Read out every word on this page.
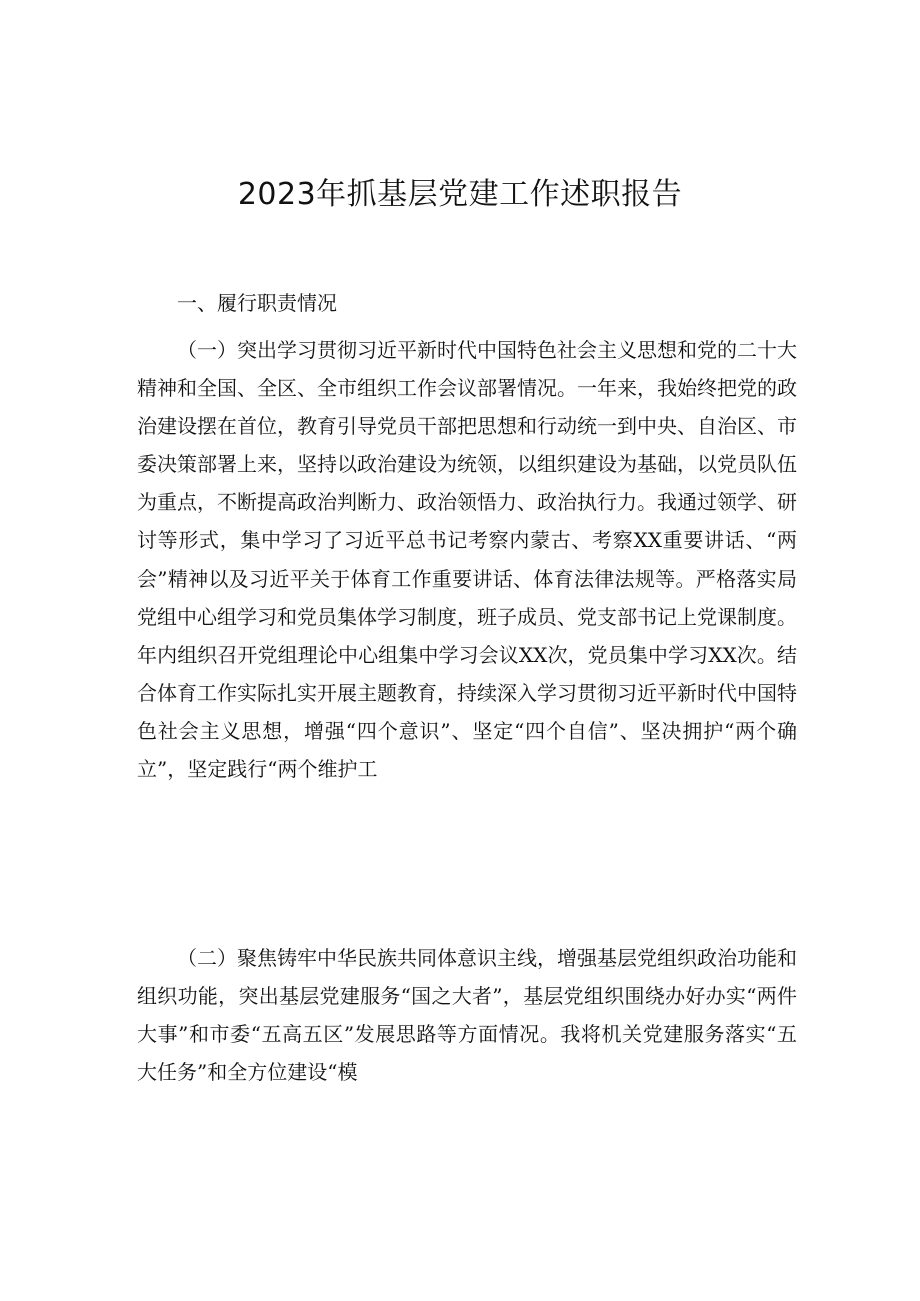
2023年抓基层党建工作述职报告
一、履行职责情况

（一）突出学习贯彻习近平新时代中国特色社会主义思想和党的二十大精神和全国、全区、全市组织工作会议部署情况。一年来，我始终把党的政治建设摆在首位，教育引导党员干部把思想和行动统一到中央、自治区、市委决策部署上来，坚持以政治建设为统领，以组织建设为基础，以党员队伍为重点，不断提高政治判断力、政治领悟力、政治执行力。我通过领学、研讨等形式，集中学习了习近平总书记考察内蒙古、考察XX重要讲话、“两会”精神以及习近平关于体育工作重要讲话、体育法律法规等。严格落实局党组中心组学习和党员集体学习制度，班子成员、党支部书记上党课制度。年内组织召开党组理论中心组集中学习会议XX次，党员集中学习XX次。结合体育工作实际扎实开展主题教育，持续深入学习贯彻习近平新时代中国特色社会主义思想，增强“四个意识”、坚定“四个自信”、坚决拥护“两个确立”，坚定践行“两个维护工

（二）聚焦铸牢中华民族共同体意识主线，增强基层党组织政治功能和组织功能，突出基层党建服务“国之大者”，基层党组织围绕办好办实“两件大事”和市委“五高五区”发展思路等方面情况。我将机关党建服务落实“五大任务”和全方位建设“模
